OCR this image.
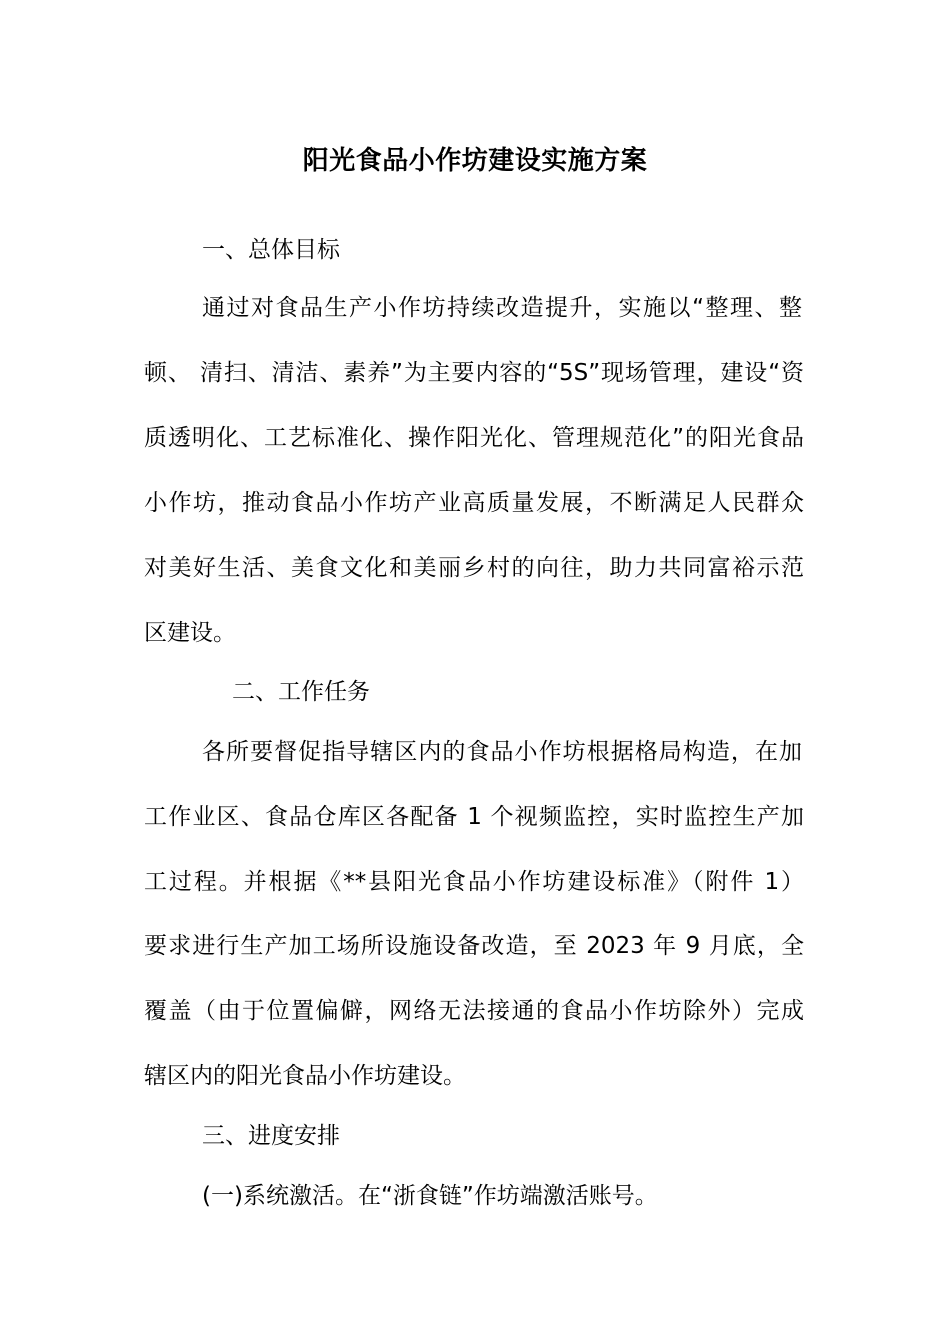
阳光食品小作坊建设实施方案
一、总体目标
通过对食品生产小作坊持续改造提升，实施以“整理、整
顿、 清扫、清洁、素养”为主要内容的“5S”现场管理，建设“资
质透明化、工艺标准化、操作阳光化、管理规范化”的阳光食品
小作坊，推动食品小作坊产业高质量发展，不断满足人民群众
对美好生活、美食文化和美丽乡村的向往，助力共同富裕示范
区建设。
二、工作任务
各所要督促指导辖区内的食品小作坊根据格局构造，在加
工作业区、食品仓库区各配备 1 个视频监控，实时监控生产加
工过程。并根据《**县阳光食品小作坊建设标准》（附件 1）
要求进行生产加工场所设施设备改造，至 2023 年 9 月底，全
覆盖（由于位置偏僻，网络无法接通的食品小作坊除外）完成
辖区内的阳光食品小作坊建设。
三、进度安排
(一)系统激活。在“浙食链”作坊端激活账号。
